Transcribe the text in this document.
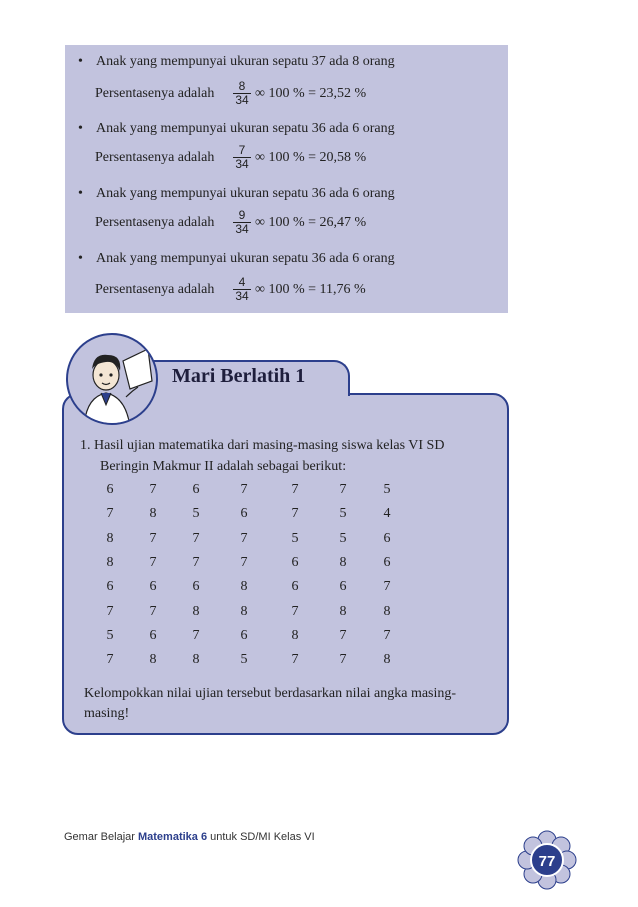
• Anak yang mempunyai ukuran sepatu 37 ada 8 orang
Persentasenya adalah $\frac{8}{34}$ ∞ 100 % = 23,52 %
• Anak yang mempunyai ukuran sepatu 36 ada 6 orang
Persentasenya adalah $\frac{7}{34}$ ∞ 100 % = 20,58 %
• Anak yang mempunyai ukuran sepatu 36 ada 6 orang
Persentasenya adalah $\frac{9}{34}$ ∞ 100 % = 26,47 %
• Anak yang mempunyai ukuran sepatu 36 ada 6 orang
Persentasenya adalah $\frac{4}{34}$ ∞ 100 % = 11,76 %
Mari Berlatih 1
1. Hasil ujian matematika dari masing-masing siswa kelas VI SD
Beringin Makmur II adalah sebagai berikut:
6	7	6	7	7	7	5
7	8	5	6	7	5	4
8	7	7	7	5	5	6
8	7	7	7	6	8	6
6	6	6	8	6	6	7
7	7	8	8	7	8	8
5	6	7	6	8	7	7
7	8	8	5	7	7	8
Kelompokkan nilai ujian tersebut berdasarkan nilai angka masing-
masing!
Gemar Belajar Matematika 6 untuk SD/MI Kelas VI
77
